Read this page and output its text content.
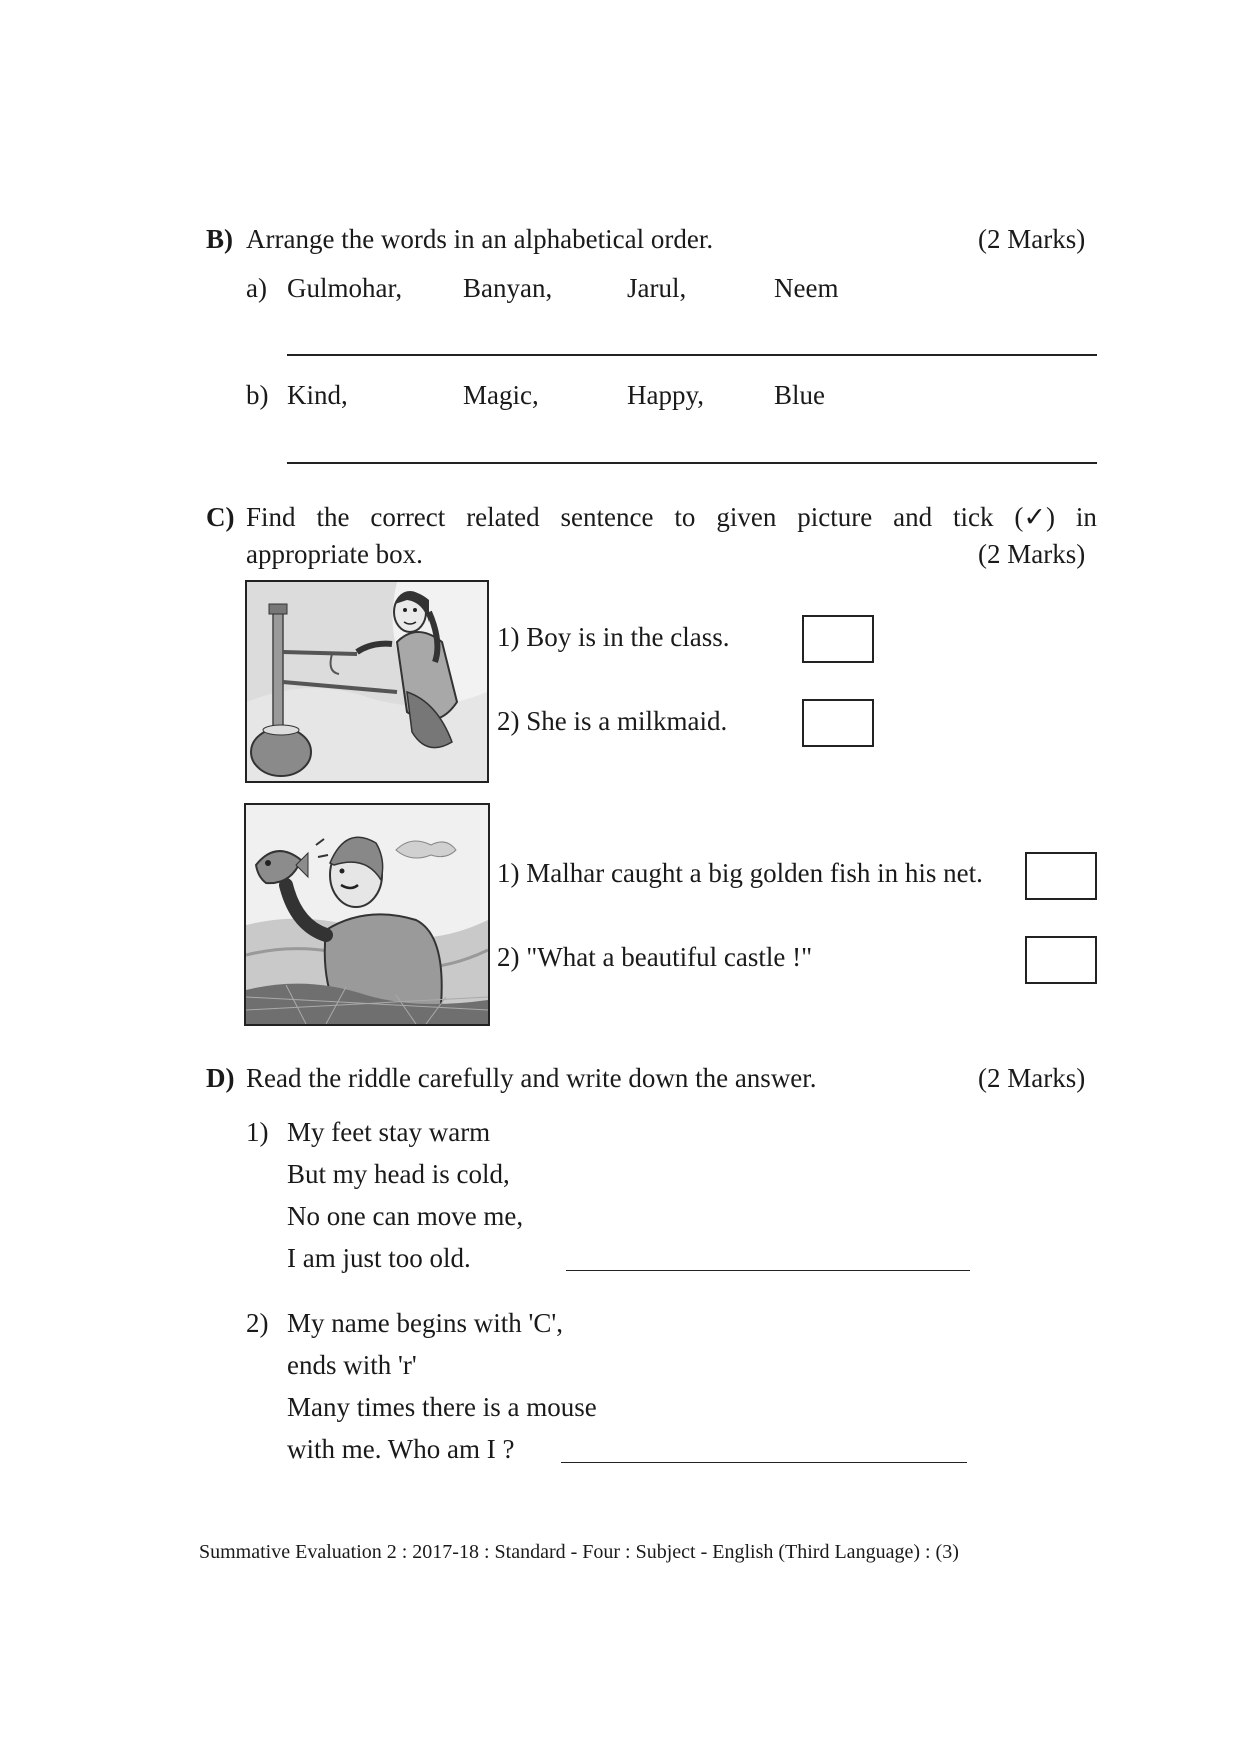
B) Arrange the words in an alphabetical order.	(2 Marks)
a) Gulmohar, Banyan,	Jarul,	Neem
b) Kind,	Magic,	Happy,	Blue
C) Find the correct related sentence to given picture and tick (✓) in
appropriate box.	(2 Marks)
1) Boy is in the class.
2) She is a milkmaid.
1) Malhar caught a big golden fish in his net.
2) "What a beautiful castle !"
D) Read the riddle carefully and write down the answer.	(2 Marks)
1) My feet stay warm
But my head is cold,
No one can move me,
I am just too old.
2) My name begins with 'C',
ends with 'r'
Many times there is a mouse
with me. Who am I ?
Summative Evaluation 2 : 2017-18 : Standard - Four : Subject - English (Third Language) : (3)
